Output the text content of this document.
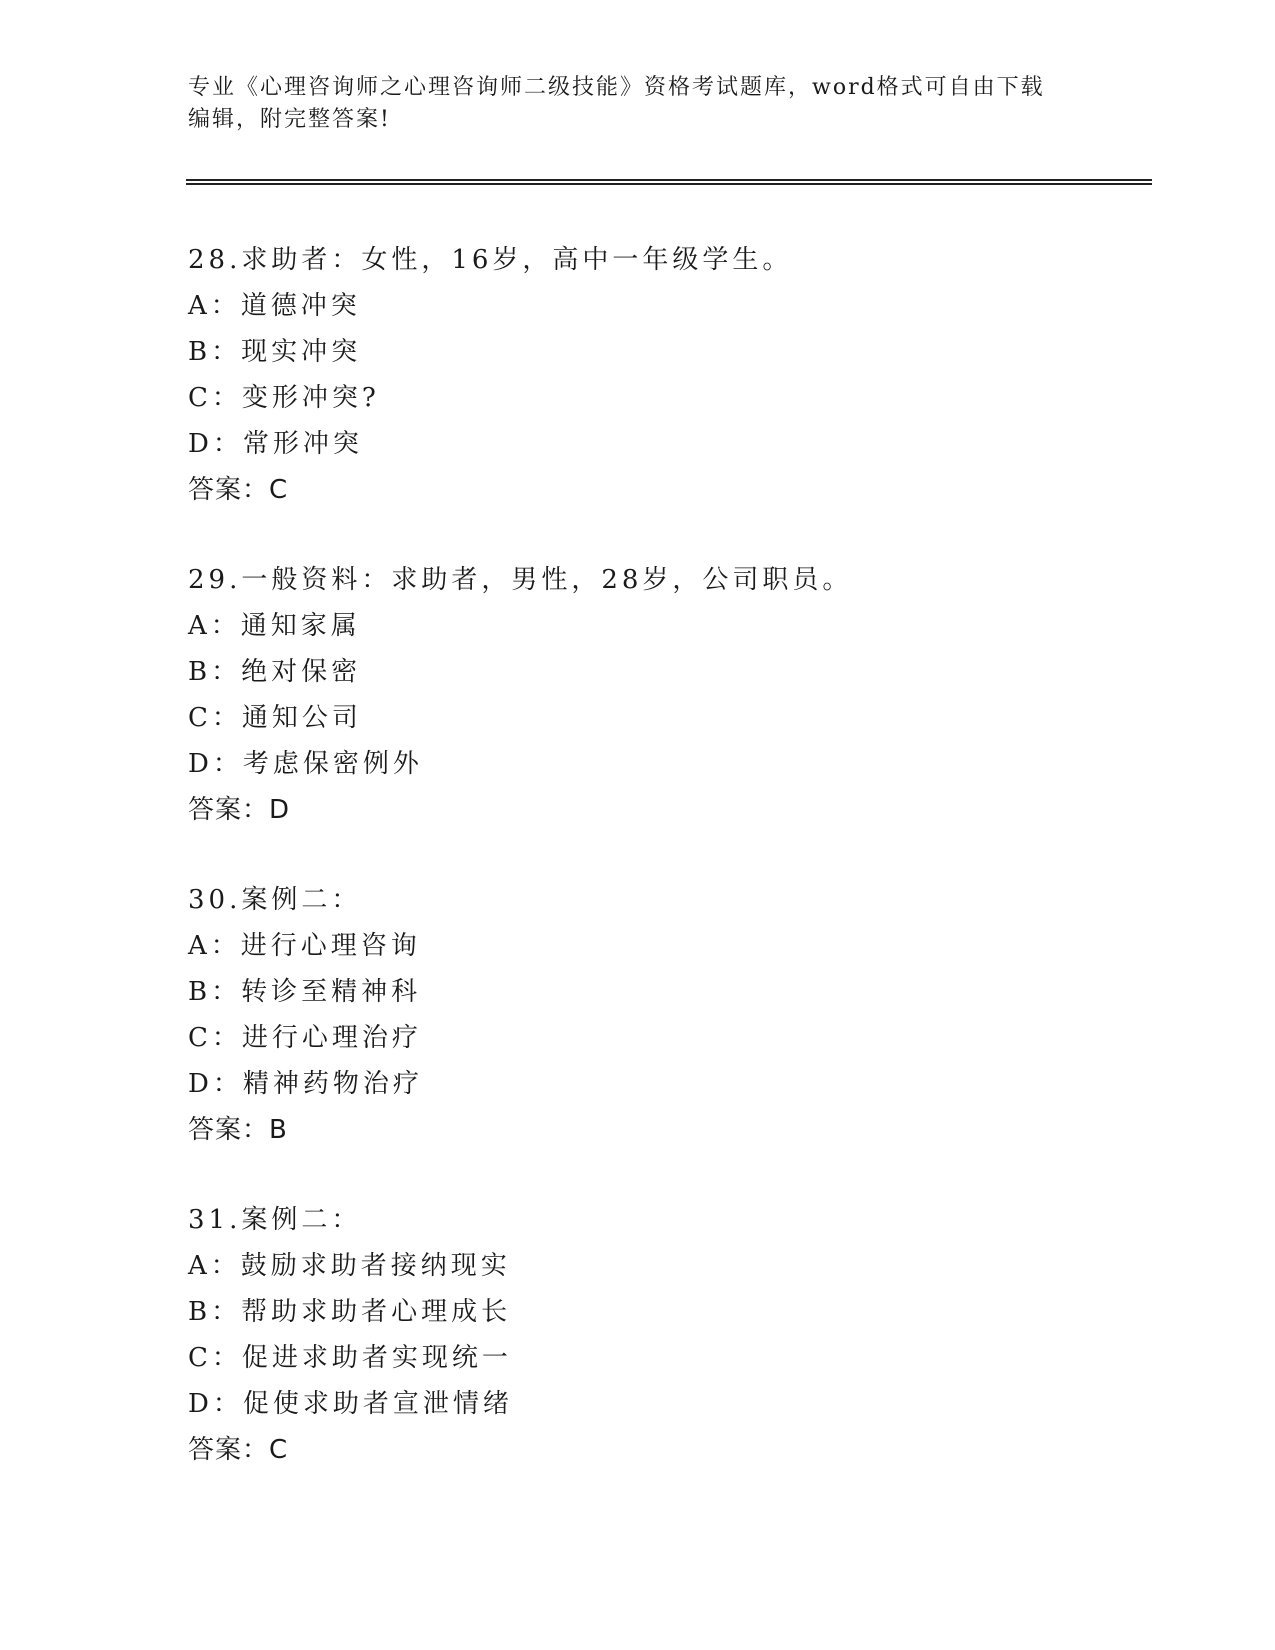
专业《心理咨询师之心理咨询师二级技能》资格考试题库，word格式可自由下载
编辑，附完整答案!
28.求助者：女性，16岁，高中一年级学生。
A：道德冲突
B：现实冲突
C：变形冲突?
D：常形冲突
答案：C
29.一般资料：求助者，男性，28岁，公司职员。
A：通知家属
B：绝对保密
C：通知公司
D：考虑保密例外
答案：D
30.案例二：
A：进行心理咨询
B：转诊至精神科
C：进行心理治疗
D：精神药物治疗
答案：B
31.案例二：
A：鼓励求助者接纳现实
B：帮助求助者心理成长
C：促进求助者实现统一
D：促使求助者宣泄情绪
答案：C
